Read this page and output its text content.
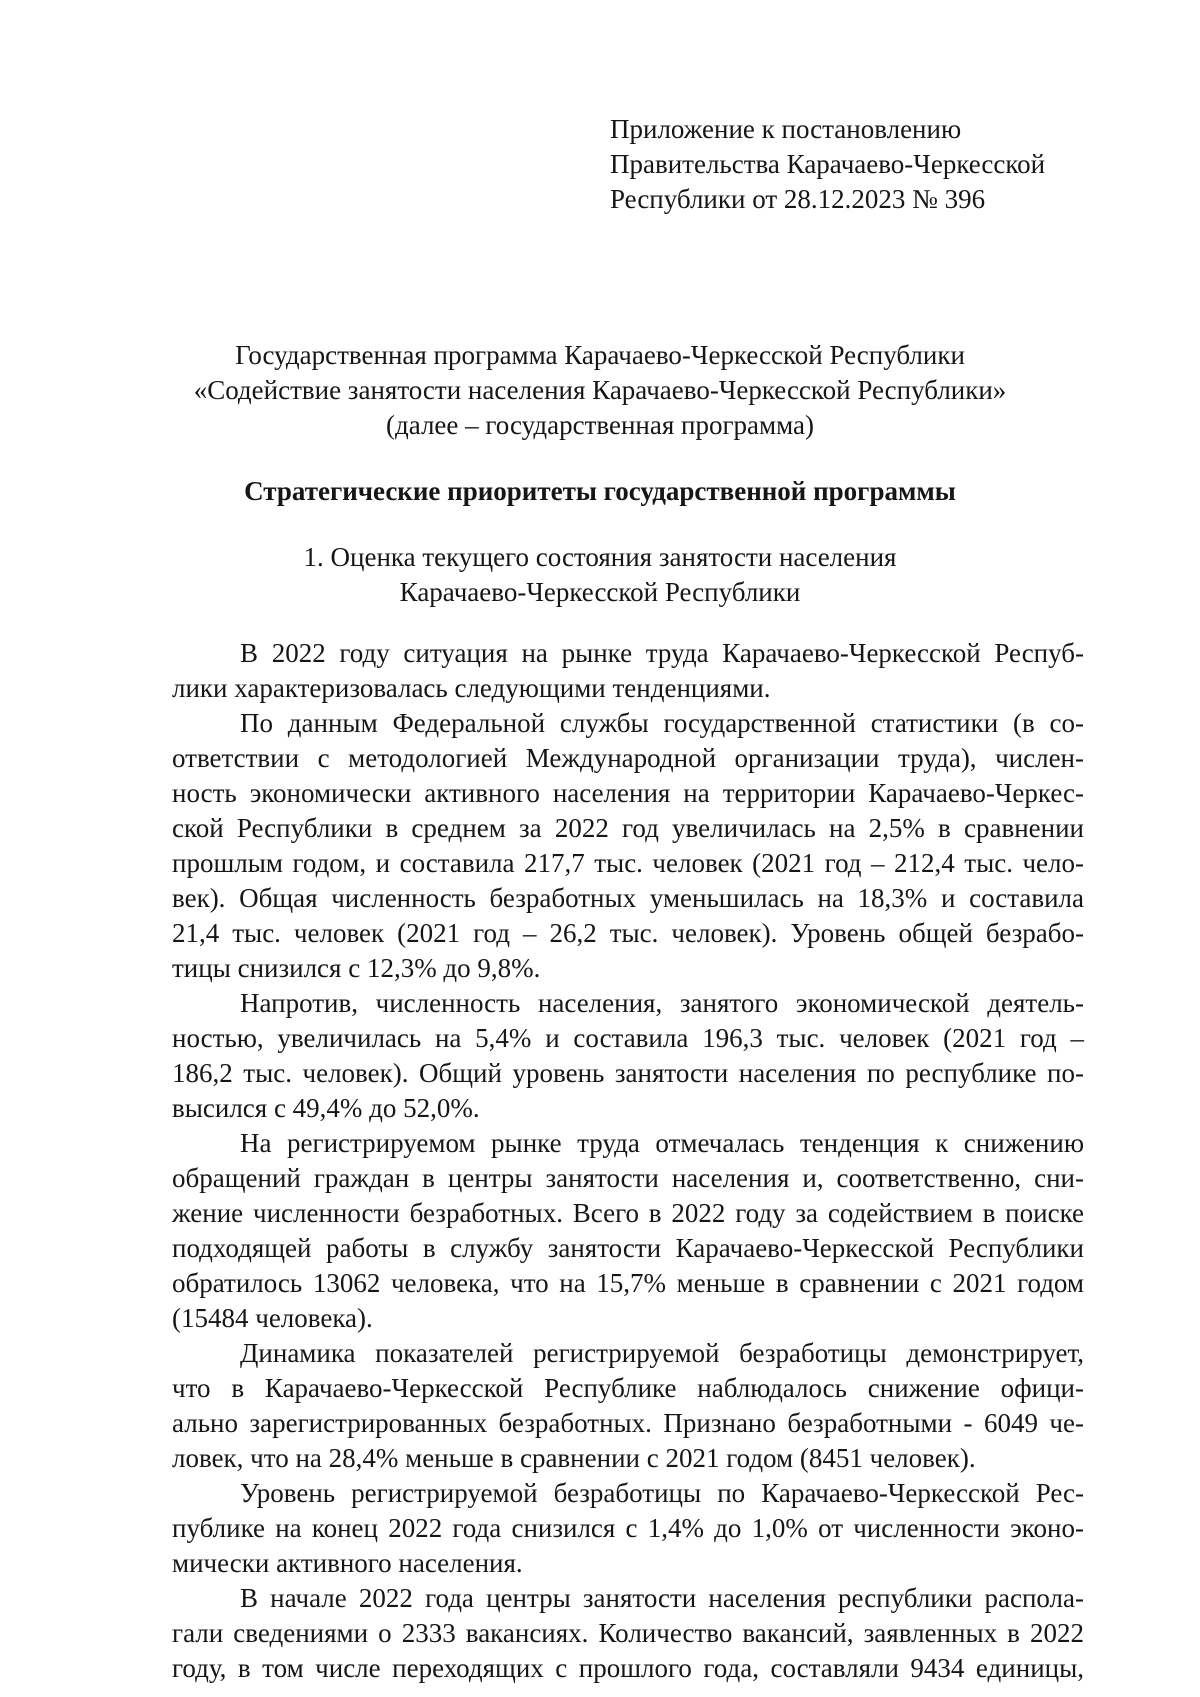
Приложение к постановлению
Правительства Карачаево-Черкесской
Республики от 28.12.2023 № 396
Государственная программа Карачаево-Черкесской Республики
«Содействие занятости населения Карачаево-Черкесской Республики»
(далее – государственная программа)
Стратегические приоритеты государственной программы
1. Оценка текущего состояния занятости населения
Карачаево-Черкесской Республики
В 2022 году ситуация на рынке труда Карачаево-Черкесской Респуб-
лики характеризовалась следующими тенденциями.
По данным Федеральной службы государственной статистики (в со-
ответствии с методологией Международной организации труда), числен-
ность экономически активного населения на территории Карачаево-Черкес-
ской Республики в среднем за 2022 год увеличилась на 2,5% в сравнении
прошлым годом, и составила 217,7 тыс. человек (2021 год – 212,4 тыс. чело-
век). Общая численность безработных уменьшилась на 18,3% и составила
21,4 тыс. человек (2021 год – 26,2 тыс. человек). Уровень общей безрабо-
тицы снизился с 12,3% до 9,8%.
Напротив, численность населения, занятого экономической деятель-
ностью, увеличилась на 5,4% и составила 196,3 тыс. человек (2021 год –
186,2 тыс. человек). Общий уровень занятости населения по республике по-
высился с 49,4% до 52,0%.
На регистрируемом рынке труда отмечалась тенденция к снижению
обращений граждан в центры занятости населения и, соответственно, сни-
жение численности безработных. Всего в 2022 году за содействием в поиске
подходящей работы в службу занятости Карачаево-Черкесской Республики
обратилось 13062 человека, что на 15,7% меньше в сравнении с 2021 годом
(15484 человека).
Динамика показателей регистрируемой безработицы демонстрирует,
что в Карачаево-Черкесской Республике наблюдалось снижение офици-
ально зарегистрированных безработных. Признано безработными - 6049 че-
ловек, что на 28,4% меньше в сравнении с 2021 годом (8451 человек).
Уровень регистрируемой безработицы по Карачаево-Черкесской Рес-
публике на конец 2022 года снизился с 1,4% до 1,0% от численности эконо-
мически активного населения.
В начале 2022 года центры занятости населения республики распола-
гали сведениями о 2333 вакансиях. Количество вакансий, заявленных в 2022
году, в том числе переходящих с прошлого года, составляли 9434 единицы,
